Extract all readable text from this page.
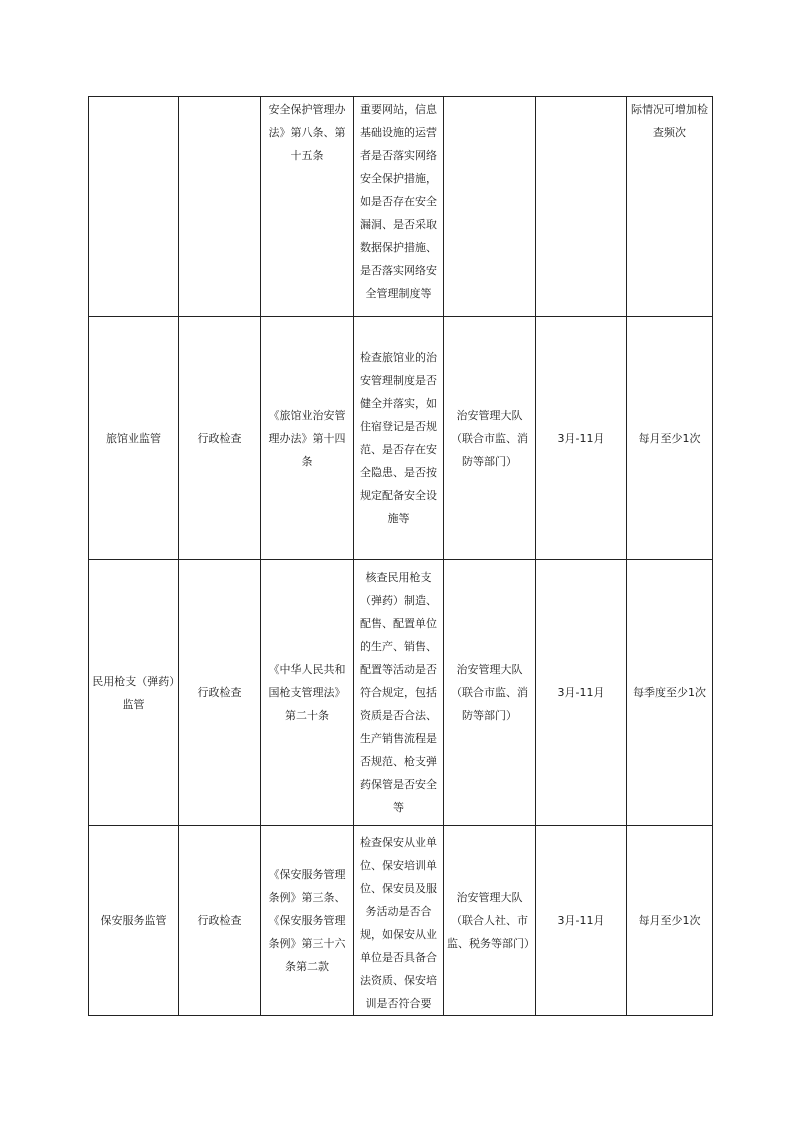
		安全保护管理办法》第八条、第十五条	重要网站，信息基础设施的运营者是否落实网络安全保护措施，如是否存在安全漏洞、是否采取数据保护措施、是否落实网络安全管理制度等			际情况可增加检查频次

旅馆业监管	行政检查	《旅馆业治安管理办法》第十四条	检查旅馆业的治安管理制度是否健全并落实，如住宿登记是否规范、是否存在安全隐患、是否按规定配备安全设施等	治安管理大队（联合市监、消防等部门）	3月-11月	每月至少1次

民用枪支（弹药）监管	行政检查	《中华人民共和国枪支管理法》第二十条	核查民用枪支（弹药）制造、配售、配置单位的生产、销售、配置等活动是否符合规定，包括资质是否合法、生产销售流程是否规范、枪支弹药保管是否安全等	治安管理大队（联合市监、消防等部门）	3月-11月	每季度至少1次

保安服务监管	行政检查	《保安服务管理条例》第三条、《保安服务管理条例》第三十六条第二款	检查保安从业单位、保安培训单位、保安员及服务活动是否合规，如保安从业单位是否具备合法资质、保安培训是否符合要	治安管理大队（联合人社、市监、税务等部门）	3月-11月	每月至少1次
